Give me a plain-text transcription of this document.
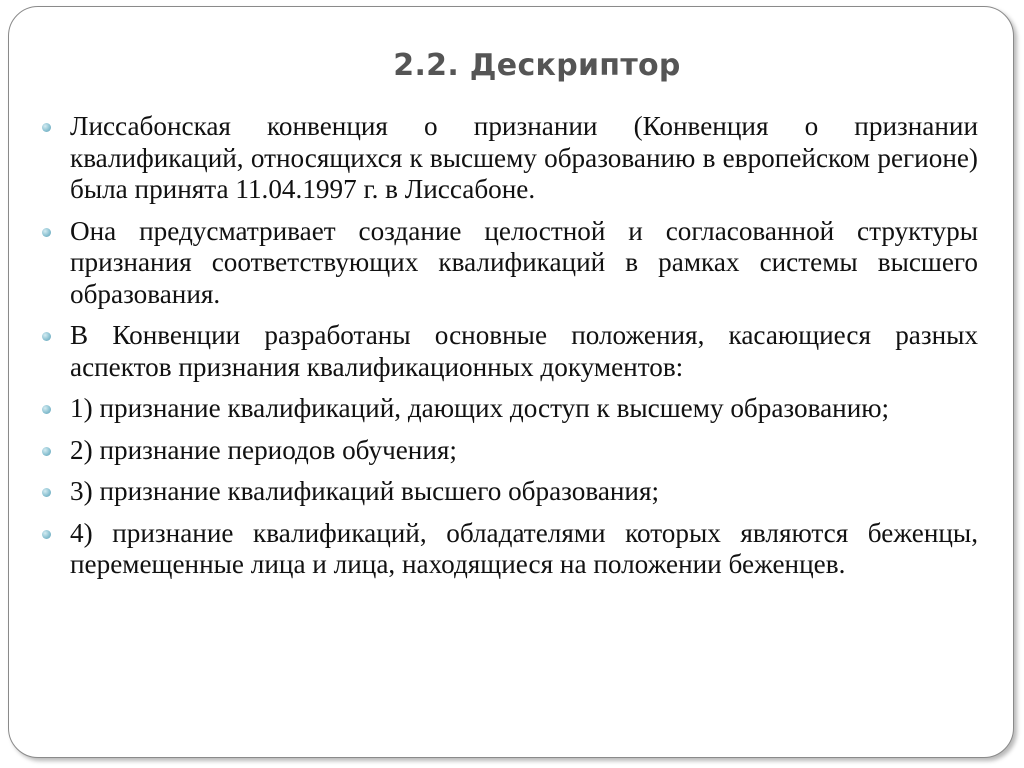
2.2. Дескриптор
Лиссабонская конвенция о признании (Конвенция о признании квалификаций, относящихся к высшему образованию в европейском регионе) была принята 11.04.1997 г. в Лиссабоне.
Она предусматривает создание целостной и согласованной структуры признания соответствующих квалификаций в рамках системы высшего образования.
В Конвенции разработаны основные положения, касающиеся разных аспектов признания квалификационных документов:
1) признание квалификаций, дающих доступ к высшему образованию;
2) признание периодов обучения;
3) признание квалификаций высшего образования;
4) признание квалификаций, обладателями которых являются беженцы, перемещенные лица и лица, находящиеся на положении беженцев.
